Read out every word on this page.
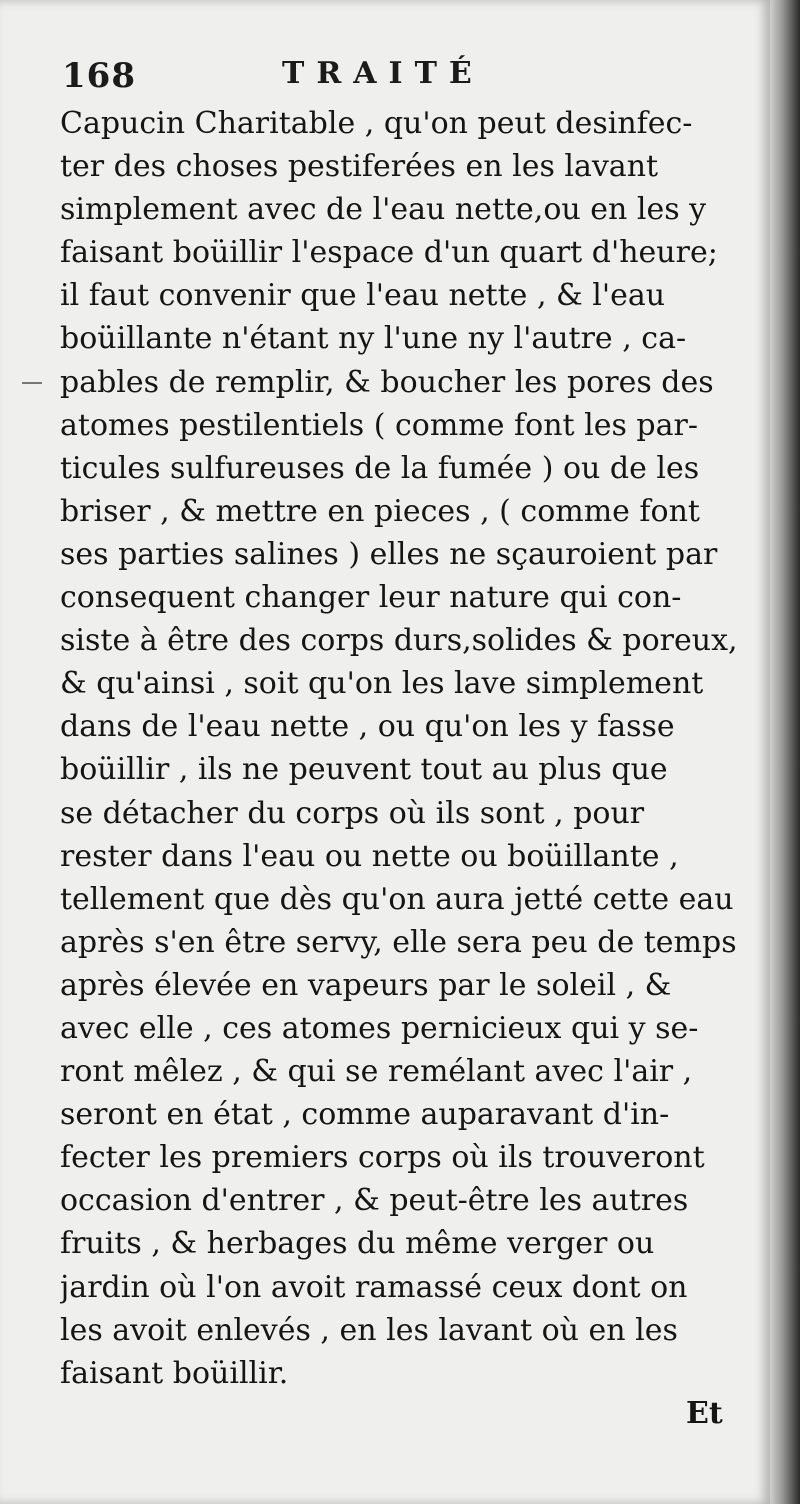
168	TRAITÉ
Capucin Charitable , qu'on peut desinfec-
ter des choses pestiferées en les lavant
simplement avec de l'eau nette,ou en les y
faisant boüillir l'espace d'un quart d'heure;
il faut convenir que l'eau nette , & l'eau
boüillante n'étant ny l'une ny l'autre , ca-
pables de remplir, & boucher les pores des
atomes pestilentiels ( comme font les par-
ticules sulfureuses de la fumée ) ou de les
briser , & mettre en pieces , ( comme font
ses parties salines ) elles ne sçauroient par
consequent changer leur nature qui con-
siste à être des corps durs,solides & poreux,
& qu'ainsi , soit qu'on les lave simplement
dans de l'eau nette , ou qu'on les y fasse
boüillir , ils ne peuvent tout au plus que
se détacher du corps où ils sont , pour
rester dans l'eau ou nette ou boüillante ,
tellement que dès qu'on aura jetté cette eau
après s'en être servy, elle sera peu de temps
après élevée en vapeurs par le soleil , &
avec elle , ces atomes pernicieux qui y se-
ront mêlez , & qui se remélant avec l'air ,
seront en état , comme auparavant d'in-
fecter les premiers corps où ils trouveront
occasion d'entrer , & peut-être les autres
fruits , & herbages du même verger ou
jardin où l'on avoit ramassé ceux dont on
les avoit enlevés , en les lavant où en les
faisant boüillir.
Et
